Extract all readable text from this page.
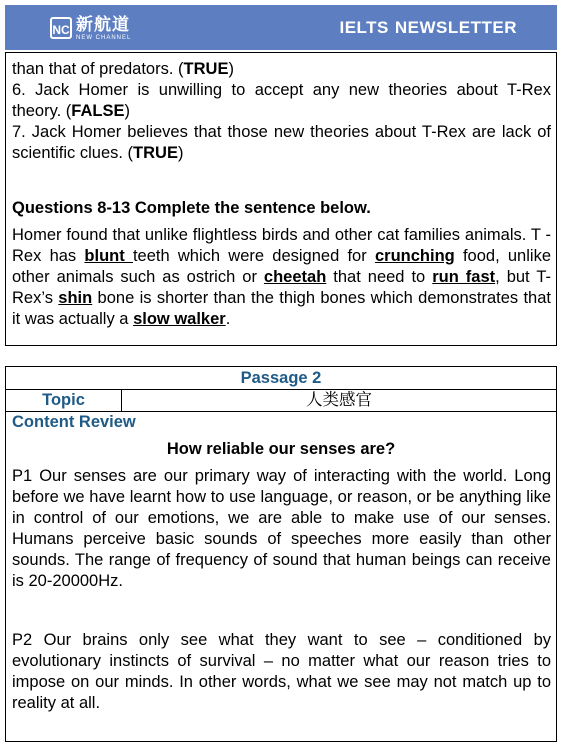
NC 新航道
NEW CHANNEL
IELTS NEWSLETTER

than that of predators. (TRUE)

6. Jack Homer is unwilling to accept any new theories about T-Rex theory. (FALSE)

7. Jack Homer believes that those new theories about T-Rex are lack of scientific clues. (TRUE)

Questions 8-13 Complete the sentence below.

Homer found that unlike flightless birds and other cat families animals. T -Rex has blunt teeth which were designed for crunching food, unlike other animals such as ostrich or cheetah that need to run fast, but T-Rex’s shin bone is shorter than the thigh bones which demonstrates that it was actually a slow walker.

Passage 2
Topic	人类感官
Content Review
How reliable our senses are?
P1 Our senses are our primary way of interacting with the world. Long before we have learnt how to use language, or reason, or be anything like in control of our emotions, we are able to make use of our senses. Humans perceive basic sounds of speeches more easily than other sounds. The range of frequency of sound that human beings can receive is 20-20000Hz.
P2 Our brains only see what they want to see – conditioned by evolutionary instincts of survival – no matter what our reason tries to impose on our minds. In other words, what we see may not match up to reality at all.
